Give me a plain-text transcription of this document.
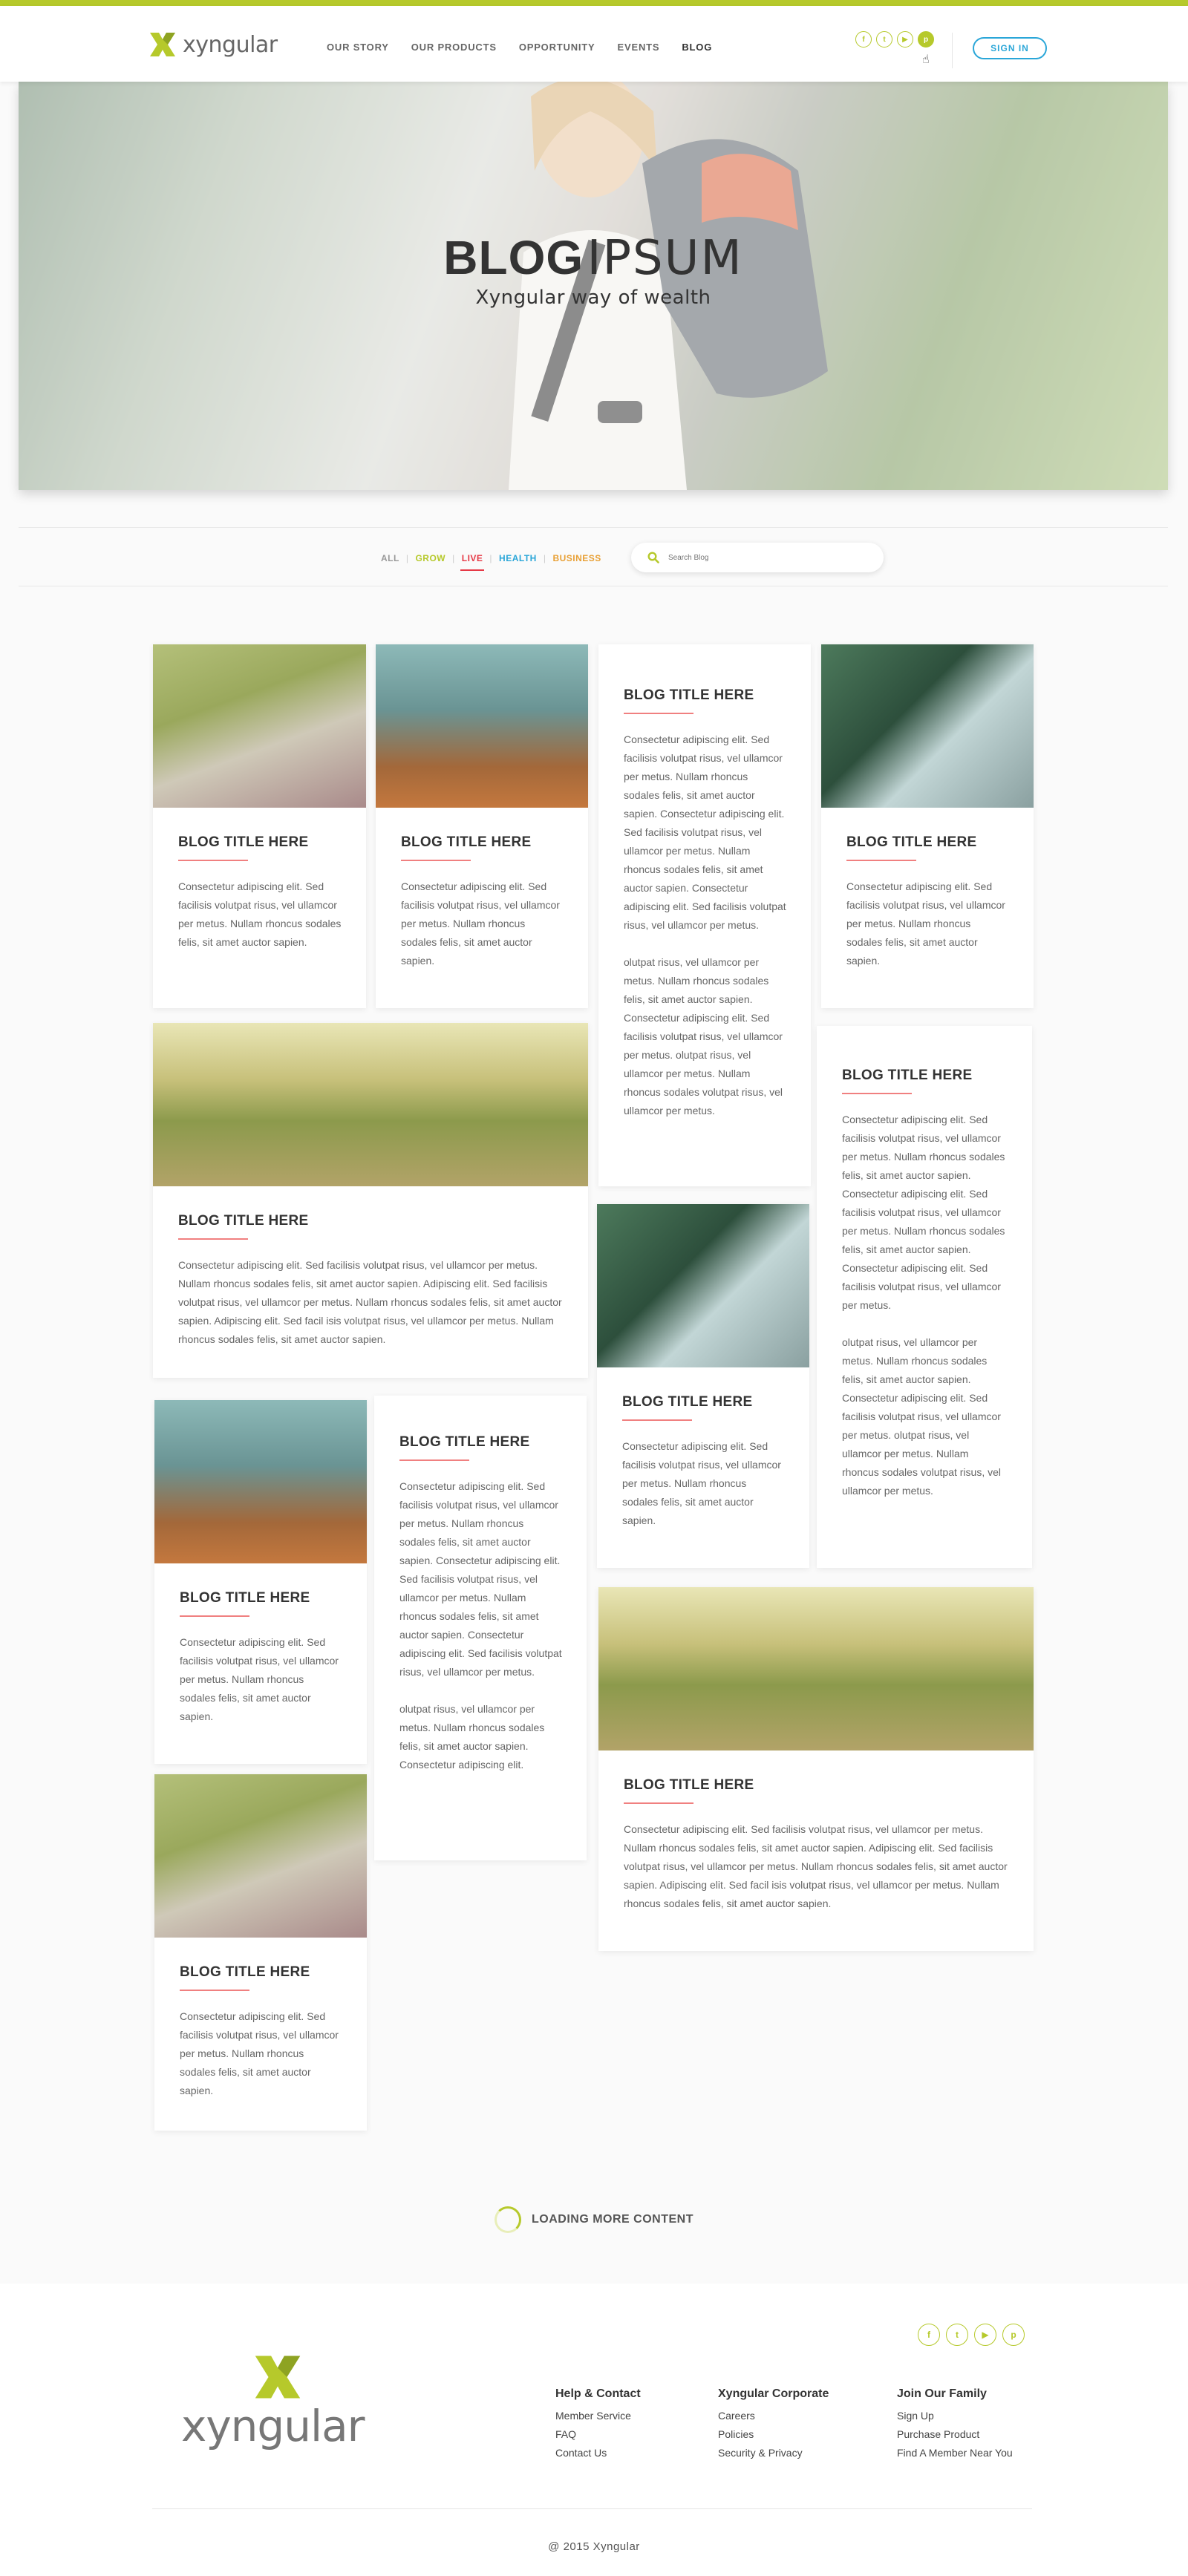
xyngular	OUR STORY OUR PRODUCTS OPPORTUNITY EVENTS BLOG
f	t	▶	p
☝
SIGN IN
BLOG IPSUM
Xyngular way of wealth
ALL | GROW | LIVE | HEALTH | BUSINESS
Search Blog
BLOG TITLE HERE

Consectetur adipiscing elit. Sed facilisis volutpat risus, vel ullamcor per metus. Nullam rhoncus sodales felis, sit amet auctor sapien.

BLOG TITLE HERE

Consectetur adipiscing elit. Sed facilisis volutpat risus, vel ullamcor per metus. Nullam rhoncus sodales felis, sit amet auctor sapien. Adipiscing elit. Sed facilisis volutpat risus, vel ullamcor per metus. Nullam rhoncus sodales felis, sit amet auctor sapien. Adipiscing elit. Sed facil isis volutpat risus, vel ullamcor per metus. Nullam rhoncus sodales felis, sit amet auctor sapien.

BLOG TITLE HERE

Consectetur adipiscing elit. Sed facilisis volutpat risus, vel ullamcor per metus. Nullam rhoncus sodales felis, sit amet auctor sapien.

BLOG TITLE HERE

Consectetur adipiscing elit. Sed facilisis volutpat risus, vel ullamcor per metus. Nullam rhoncus sodales felis, sit amet auctor sapien.

BLOG TITLE HERE

Consectetur adipiscing elit. Sed facilisis volutpat risus, vel ullamcor per metus. Nullam rhoncus sodales felis, sit amet auctor sapien.

BLOG TITLE HERE

Consectetur adipiscing elit. Sed facilisis volutpat risus, vel ullamcor per metus. Nullam rhoncus sodales felis, sit amet auctor sapien. Consectetur adipiscing elit. Sed facilisis volutpat risus, vel ullamcor per metus. Nullam rhoncus sodales felis, sit amet auctor sapien. Consectetur adipiscing elit. Sed facilisis volutpat risus, vel ullamcor per metus.

olutpat risus, vel ullamcor per metus. Nullam rhoncus sodales felis, sit amet auctor sapien. Consectetur adipiscing elit.

BLOG TITLE HERE

Consectetur adipiscing elit. Sed facilisis volutpat risus, vel ullamcor per metus. Nullam rhoncus sodales felis, sit amet auctor sapien. Consectetur adipiscing elit. Sed facilisis volutpat risus, vel ullamcor per metus. Nullam rhoncus sodales felis, sit amet auctor sapien. Consectetur adipiscing elit. Sed facilisis volutpat risus, vel ullamcor per metus.

olutpat risus, vel ullamcor per metus. Nullam rhoncus sodales felis, sit amet auctor sapien. Consectetur adipiscing elit. Sed facilisis volutpat risus, vel ullamcor per metus. olutpat risus, vel ullamcor per metus. Nullam rhoncus sodales volutpat risus, vel ullamcor per metus.

BLOG TITLE HERE

Consectetur adipiscing elit. Sed facilisis volutpat risus, vel ullamcor per metus. Nullam rhoncus sodales felis, sit amet auctor sapien.

BLOG TITLE HERE

Consectetur adipiscing elit. Sed facilisis volutpat risus, vel ullamcor per metus. Nullam rhoncus sodales felis, sit amet auctor sapien. Adipiscing elit. Sed facilisis volutpat risus, vel ullamcor per metus. Nullam rhoncus sodales felis, sit amet auctor sapien. Adipiscing elit. Sed facil isis volutpat risus, vel ullamcor per metus. Nullam rhoncus sodales felis, sit amet auctor sapien.

BLOG TITLE HERE

Consectetur adipiscing elit. Sed facilisis volutpat risus, vel ullamcor per metus. Nullam rhoncus sodales felis, sit amet auctor sapien.

BLOG TITLE HERE

Consectetur adipiscing elit. Sed facilisis volutpat risus, vel ullamcor per metus. Nullam rhoncus sodales felis, sit amet auctor sapien. Consectetur adipiscing elit. Sed facilisis volutpat risus, vel ullamcor per metus. Nullam rhoncus sodales felis, sit amet auctor sapien. Consectetur adipiscing elit. Sed facilisis volutpat risus, vel ullamcor per metus.

olutpat risus, vel ullamcor per metus. Nullam rhoncus sodales felis, sit amet auctor sapien. Consectetur adipiscing elit. Sed facilisis volutpat risus, vel ullamcor per metus. olutpat risus, vel ullamcor per metus. Nullam rhoncus sodales volutpat risus, vel ullamcor per metus.

LOADING MORE CONTENT
f	t	▶	p
xyngular
Help & Contact
Member Service
FAQ
Contact Us
Xyngular Corporate
Careers
Policies
Security & Privacy
Join Our Family
Sign Up
Purchase Product
Find A Member Near You
@ 2015 Xyngular
